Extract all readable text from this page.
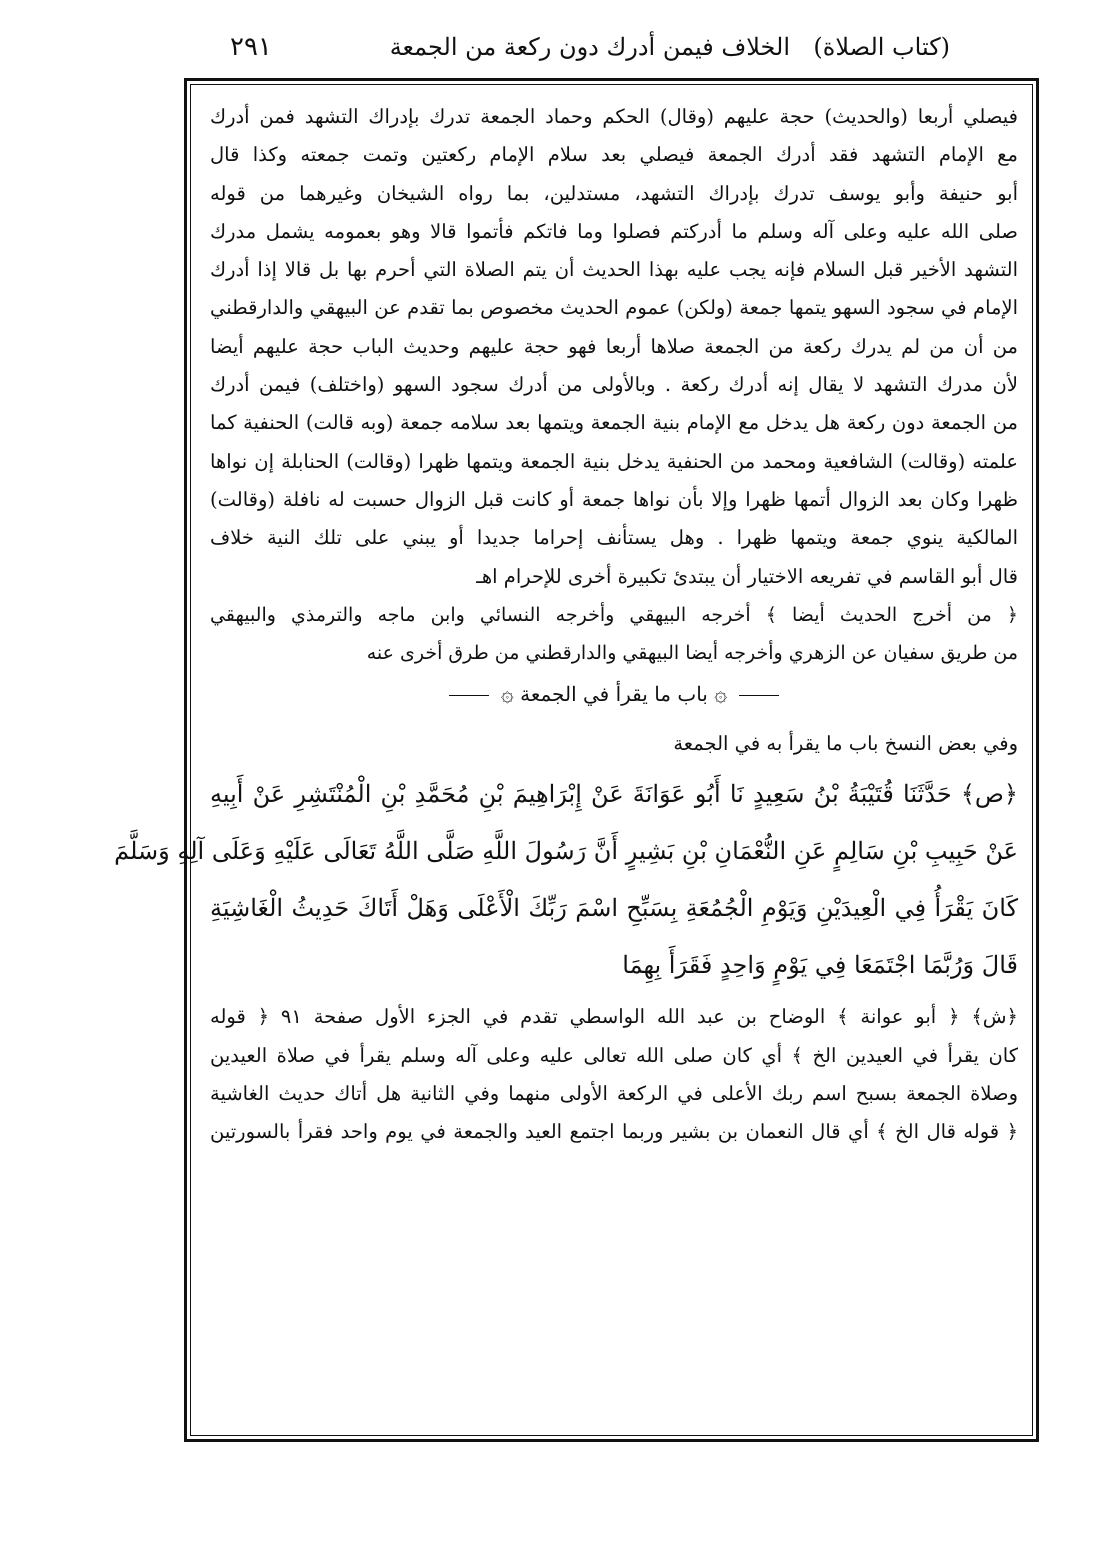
(كتاب الصلاة)
الخلاف فيمن أدرك دون ركعة من الجمعة
٢٩١
فيصلي أربعا (والحديث) حجة عليهم (وقال) الحكم وحماد الجمعة تدرك بإدراك التشهد فمن أدرك
مع الإمام التشهد فقد أدرك الجمعة فيصلي بعد سلام الإمام ركعتين وتمت جمعته وكذا قال
أبو حنيفة وأبو يوسف تدرك بإدراك التشهد، مستدلين، بما رواه الشيخان وغيرهما من قوله
صلى الله عليه وعلى آله وسلم ما أدركتم فصلوا وما فاتكم فأتموا قالا وهو بعمومه يشمل مدرك
التشهد الأخير قبل السلام فإنه يجب عليه بهذا الحديث أن يتم الصلاة التي أحرم بها بل قالا إذا أدرك
الإمام في سجود السهو يتمها جمعة (ولكن) عموم الحديث مخصوص بما تقدم عن البيهقي والدارقطني
من أن من لم يدرك ركعة من الجمعة صلاها أربعا فهو حجة عليهم وحديث الباب حجة عليهم أيضا
لأن مدرك التشهد لا يقال إنه أدرك ركعة . وبالأولى من أدرك سجود السهو (واختلف) فيمن أدرك
من الجمعة دون ركعة هل يدخل مع الإمام بنية الجمعة ويتمها بعد سلامه جمعة (وبه قالت) الحنفية كما
علمته (وقالت) الشافعية ومحمد من الحنفية يدخل بنية الجمعة ويتمها ظهرا (وقالت) الحنابلة إن نواها
ظهرا وكان بعد الزوال أتمها ظهرا وإلا بأن نواها جمعة أو كانت قبل الزوال حسبت له نافلة (وقالت)
المالكية ينوي جمعة ويتمها ظهرا . وهل يستأنف إحراما جديدا أو يبني على تلك النية خلاف
قال أبو القاسم في تفريعه الاختيار أن يبتدئ تكبيرة أخرى للإحرام اهـ
﴿ من أخرج الحديث أيضا ﴾ أخرجه البيهقي وأخرجه النسائي وابن ماجه والترمذي والبيهقي
من طريق سفيان عن الزهري وأخرجه أيضا البيهقي والدارقطني من طرق أخرى عنه
۞ باب ما يقرأ في الجمعة ۞
وفي بعض النسخ باب ما يقرأ به في الجمعة
﴿ص﴾ حَدَّثَنَا قُتَيْبَةُ بْنُ سَعِيدٍ نَا أَبُو عَوَانَةَ عَنْ إِبْرَاهِيمَ بْنِ مُحَمَّدِ بْنِ الْمُنْتَشِرِ عَنْ أَبِيهِ
عَنْ حَبِيبِ بْنِ سَالِمٍ عَنِ النُّعْمَانِ بْنِ بَشِيرٍ أَنَّ رَسُولَ اللَّهِ صَلَّى اللَّهُ تَعَالَى عَلَيْهِ وَعَلَى آلِهِ وَسَلَّمَ
كَانَ يَقْرَأُ فِي الْعِيدَيْنِ وَيَوْمِ الْجُمُعَةِ بِسَبِّحِ اسْمَ رَبِّكَ الْأَعْلَى وَهَلْ أَتَاكَ حَدِيثُ الْغَاشِيَةِ
قَالَ وَرُبَّمَا اجْتَمَعَا فِي يَوْمٍ وَاحِدٍ فَقَرَأَ بِهِمَا
﴿ش﴾ ﴿ أبو عوانة ﴾ الوضاح بن عبد الله الواسطي تقدم في الجزء الأول صفحة ٩١ ﴿ قوله
كان يقرأ في العيدين الخ ﴾ أي كان صلى الله تعالى عليه وعلى آله وسلم يقرأ في صلاة العيدين
وصلاة الجمعة بسبح اسم ربك الأعلى في الركعة الأولى منهما وفي الثانية هل أتاك حديث الغاشية
﴿ قوله قال الخ ﴾ أي قال النعمان بن بشير وربما اجتمع العيد والجمعة في يوم واحد فقرأ بالسورتين
